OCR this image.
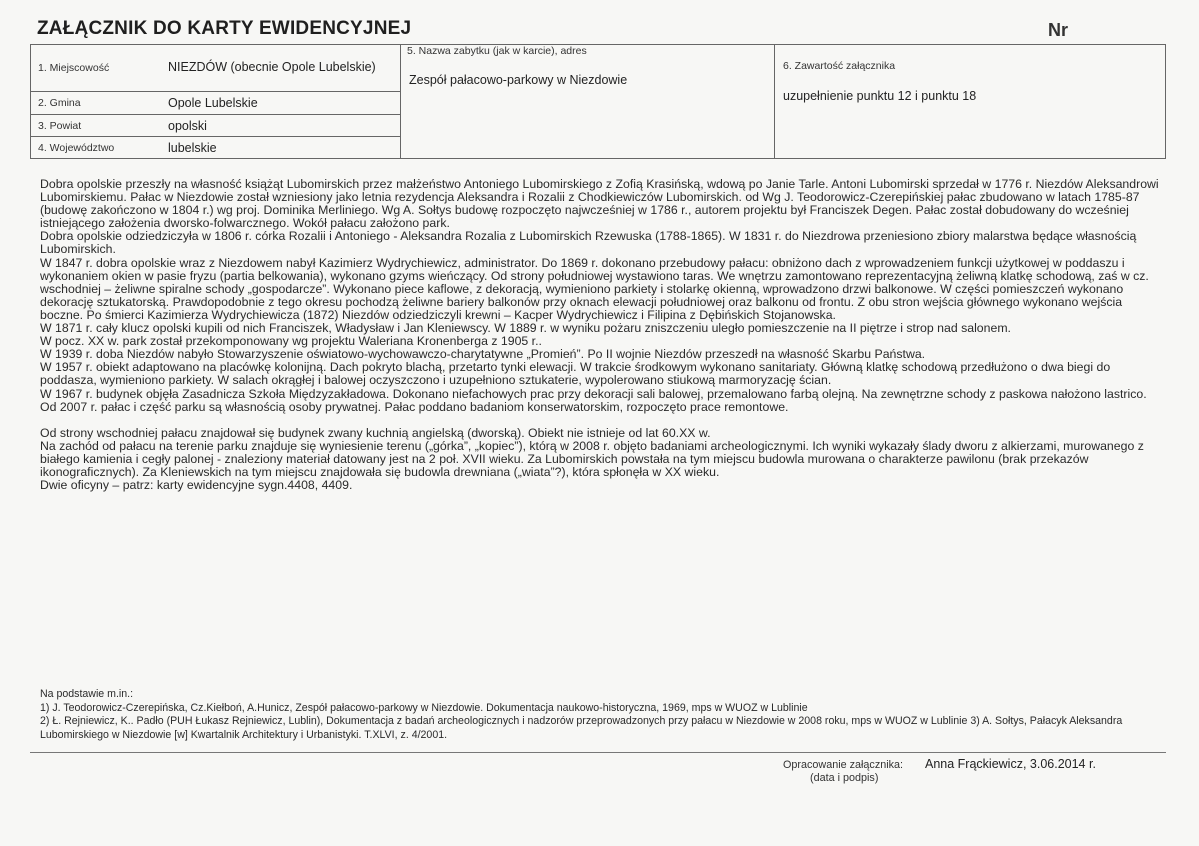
ZAŁĄCZNIK DO KARTY EWIDENCYJNEJ	Nr
1. Miejscowość	NIEZDÓW (obecnie Opole Lubelskie)
2. Gmina	Opole Lubelskie
3. Powiat	opolski
4. Województwo	lubelskie
5. Nazwa zabytku (jak w karcie), adres
Zespół pałacowo-parkowy w Niezdowie
6. Zawartość załącznika
uzupełnienie punktu 12 i punktu 18

Dobra opolskie przeszły na własność książąt Lubomirskich przez małżeństwo Antoniego Lubomirskiego z Zofią Krasińską, wdową po Janie Tarle. Antoni Lubomirski sprzedał w 1776 r. Niezdów Aleksandrowi Lubomirskiemu. Pałac w Niezdowie został wzniesiony jako letnia rezydencja Aleksandra i Rozalii z Chodkiewiczów Lubomirskich. od Wg J. Teodorowicz-Czerepińskiej pałac zbudowano w latach 1785-87 (budowę zakończono w 1804 r.) wg proj. Dominika Merliniego. Wg A. Sołtys budowę rozpoczęto najwcześniej w 1786 r., autorem projektu był Franciszek Degen. Pałac został dobudowany do wcześniej istniejącego założenia dworsko-folwarcznego. Wokół pałacu założono park.

Dobra opolskie odziedziczyła w 1806 r. córka Rozalii i Antoniego - Aleksandra Rozalia z Lubomirskich Rzewuska (1788-1865). W 1831 r. do Niezdrowa przeniesiono zbiory malarstwa będące własnością Lubomirskich.

W 1847 r. dobra opolskie wraz z Niezdowem nabył Kazimierz Wydrychiewicz, administrator. Do 1869 r. dokonano przebudowy pałacu: obniżono dach z wprowadzeniem funkcji użytkowej w poddaszu i wykonaniem okien w pasie fryzu (partia belkowania), wykonano gzyms wieńczący. Od strony południowej wystawiono taras. We wnętrzu zamontowano reprezentacyjną żeliwną klatkę schodową, zaś w cz. wschodniej – żeliwne spiralne schody „gospodarcze”. Wykonano piece kaflowe, z dekoracją, wymieniono parkiety i stolarkę okienną, wprowadzono drzwi balkonowe. W części pomieszczeń wykonano dekorację sztukatorską. Prawdopodobnie z tego okresu pochodzą żeliwne bariery balkonów przy oknach elewacji południowej oraz balkonu od frontu. Z obu stron wejścia głównego wykonano wejścia boczne. Po śmierci Kazimierza Wydrychiewicza (1872) Niezdów odziedziczyli krewni – Kacper Wydrychiewicz i Filipina z Dębińskich Stojanowska.

W 1871 r. cały klucz opolski kupili od nich Franciszek, Władysław i Jan Kleniewscy. W 1889 r. w wyniku pożaru zniszczeniu uległo pomieszczenie na II piętrze i strop nad salonem.

W pocz. XX w. park został przekomponowany wg projektu Waleriana Kronenberga z 1905 r..

W 1939 r. doba Niezdów nabyło Stowarzyszenie oświatowo-wychowawczo-charytatywne „Promień”. Po II wojnie Niezdów przeszedł na własność Skarbu Państwa.

W 1957 r. obiekt adaptowano na placówkę kolonijną. Dach pokryto blachą, przetarto tynki elewacji. W trakcie środkowym wykonano sanitariaty. Główną klatkę schodową przedłużono o dwa biegi do poddasza, wymieniono parkiety. W salach okrągłej i balowej oczyszczono i uzupełniono sztukaterie, wypolerowano stiukową marmoryzację ścian.

W 1967 r. budynek objęła Zasadnicza Szkoła Międzyzakładowa. Dokonano niefachowych prac przy dekoracji sali balowej, przemalowano farbą olejną. Na zewnętrzne schody z paskowa nałożono lastrico.

Od 2007 r. pałac i część parku są własnością osoby prywatnej. Pałac poddano badaniom konserwatorskim, rozpoczęto prace remontowe.

Od strony wschodniej pałacu znajdował się budynek zwany kuchnią angielską (dworską). Obiekt nie istnieje od lat 60.XX w.

Na zachód od pałacu na terenie parku znajduje się wyniesienie terenu („górka”, „kopiec”), którą w 2008 r. objęto badaniami archeologicznymi. Ich wyniki wykazały ślady dworu z alkierzami, murowanego z białego kamienia i cegły palonej - znaleziony materiał datowany jest na 2 poł. XVII wieku. Za Lubomirskich powstała na tym miejscu budowla murowana o charakterze pawilonu (brak przekazów ikonograficznych). Za Kleniewskich na tym miejscu znajdowała się budowla drewniana („wiata”?), która spłonęła w XX wieku.

Dwie oficyny – patrz: karty ewidencyjne sygn.4408, 4409.

Na podstawie m.in.:

1) J. Teodorowicz-Czerepińska, Cz.Kiełboń, A.Hunicz, Zespół pałacowo-parkowy w Niezdowie. Dokumentacja naukowo-historyczna, 1969, mps w WUOZ w Lublinie

2) Ł. Rejniewicz, K.. Padło (PUH Łukasz Rejniewicz, Lublin), Dokumentacja z badań archeologicznych i nadzorów przeprowadzonych przy pałacu w Niezdowie w 2008 roku, mps w WUOZ w Lublinie 3) A. Sołtys, Pałacyk Aleksandra Lubomirskiego w Niezdowie [w] Kwartalnik Architektury i Urbanistyki. T.XLVI, z. 4/2001.

Opracowanie załącznika:
(data i podpis)
Anna Frąckiewicz, 3.06.2014 r.
